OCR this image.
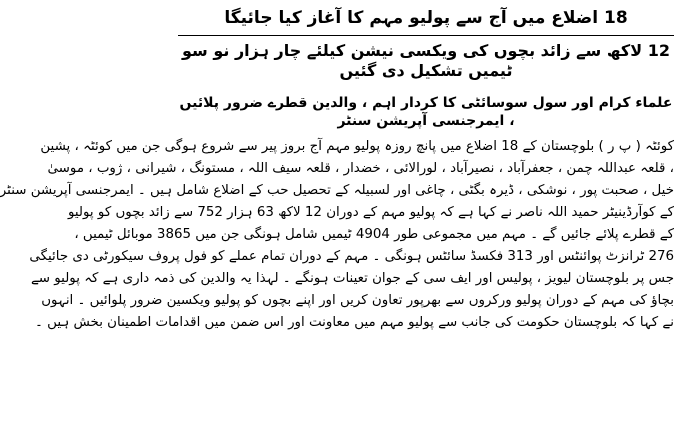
18 اضلاع میں آج سے پولیو مہم کا آغاز کیا جائیگا
12 لاکھ سے زائد بچوں کی ویکسی نیشن کیلئے چار ہزار نو سو ٹیمیں تشکیل دی گئیں
علماء کرام اور سول سوسائٹی کا کردار اہم ، والدین قطرے ضرور پلائیں ، ایمرجنسی آپریشن سنٹر

کوئٹہ ( پ ر ) بلوچستان کے 18 اضلاع میں پانچ روزہ پولیو مہم آج بروز پیر سے شروع ہوگی جن میں کوئٹہ ، پشین

، قلعہ عبداللہ چمن ، جعفرآباد ، نصیرآباد ، لورالائی ، خضدار ، قلعہ سیف اللہ ، مستونگ ، شیرانی ، ژوب ، موسیٰ

خیل ، صحبت پور ، نوشکی ، ڈیرہ بگٹی ، چاغی اور لسبیلہ کے تحصیل حب کے اضلاع شامل ہیں ۔ ایمرجنسی آپریشن سنٹر

کے کوآرڈینیٹر حمید اللہ ناصر نے کہا ہے کہ پولیو مہم کے دوران 12 لاکھ 63 ہزار 752 سے زائد بچوں کو پولیو

کے قطرے پلائے جائیں گے ۔ مہم میں مجموعی طور 4904 ٹیمیں شامل ہونگی جن میں 3865 موبائل ٹیمیں ،

276 ٹرانزٹ پوائنٹس اور 313 فکسڈ سائٹس ہونگی ۔ مہم کے دوران تمام عملے کو فول پروف سیکورٹی دی جائیگی

جس پر بلوچستان لیویز ، پولیس اور ایف سی کے جوان تعینات ہونگے ۔ لہذا یہ والدین کی ذمہ داری ہے کہ پولیو سے

بچاؤ کی مہم کے دوران پولیو ورکروں سے بھرپور تعاون کریں اور اپنے بچوں کو پولیو ویکسین ضرور پلوائیں ۔ انہوں

نے کہا کہ بلوچستان حکومت کی جانب سے پولیو مہم میں معاونت اور اس ضمن میں اقدامات اطمینان بخش ہیں ۔
